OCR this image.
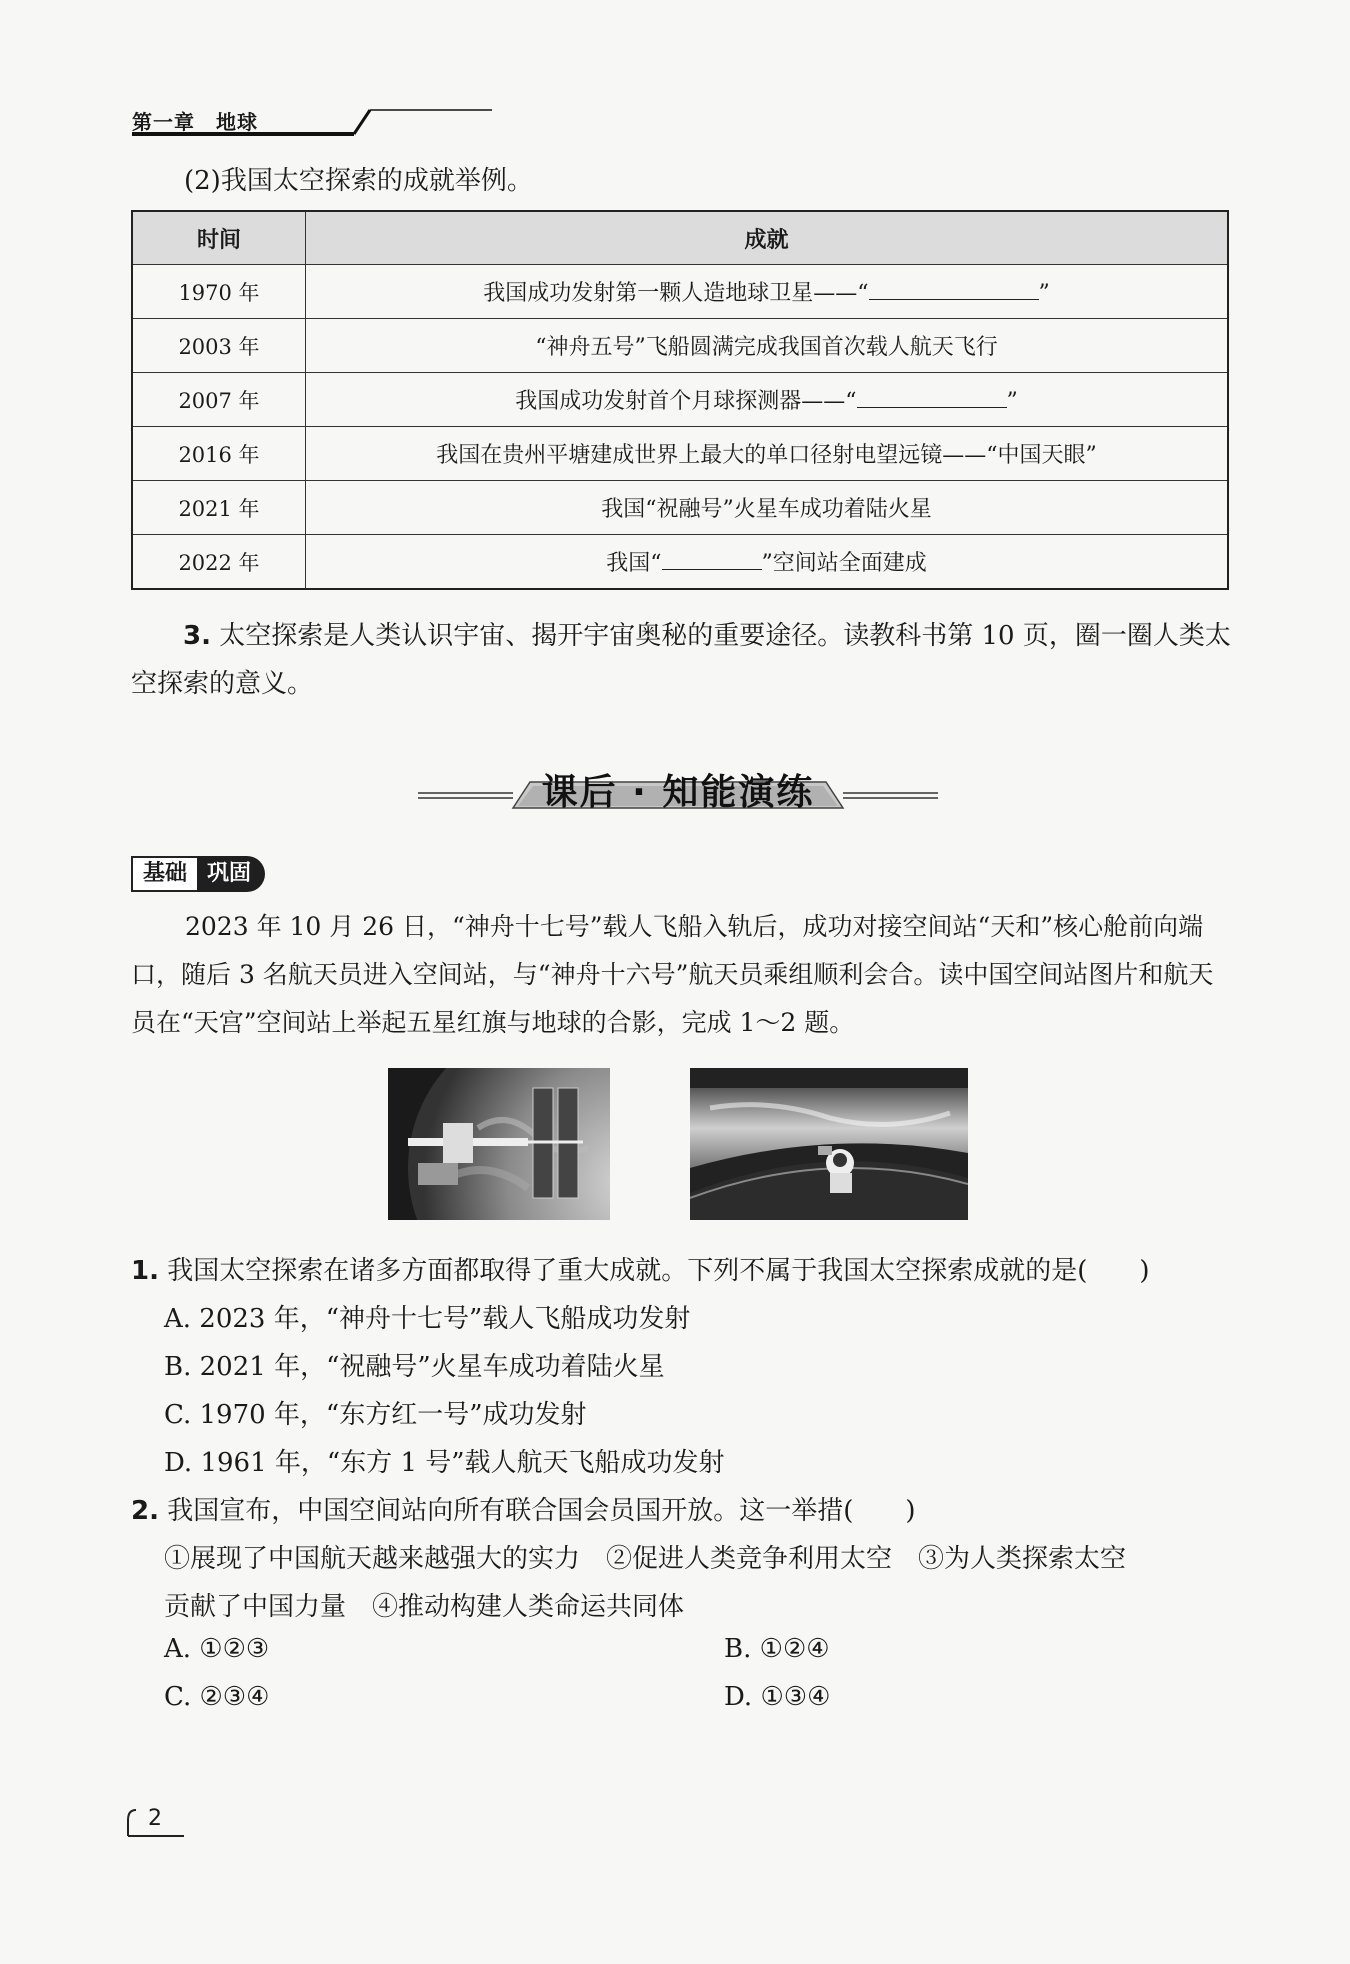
第一章　地球
(2)我国太空探索的成就举例。
时间	成就
1970 年	我国成功发射第一颗人造地球卫星——“ ”
2003 年	“神舟五号”飞船圆满完成我国首次载人航天飞行
2007 年	我国成功发射首个月球探测器——“ ”
2016 年	我国在贵州平塘建成世界上最大的单口径射电望远镜——“中国天眼”
2021 年	我国“祝融号”火星车成功着陆火星
2022 年	我国“ ”空间站全面建成
3. 太空探索是人类认识宇宙、揭开宇宙奥秘的重要途径。读教科书第 10 页，圈一圈人类太空探索的意义。
课后 · 知能演练
基础 巩固
2023 年 10 月 26 日，“神舟十七号”载人飞船入轨后，成功对接空间站“天和”核心舱前向端口，随后 3 名航天员进入空间站，与“神舟十六号”航天员乘组顺利会合。读中国空间站图片和航天员在“天宫”空间站上举起五星红旗与地球的合影，完成 1～2 题。
1. 我国太空探索在诸多方面都取得了重大成就。下列不属于我国太空探索成就的是(　　)
A. 2023 年，“神舟十七号”载人飞船成功发射
B. 2021 年，“祝融号”火星车成功着陆火星
C. 1970 年，“东方红一号”成功发射
D. 1961 年，“东方 1 号”载人航天飞船成功发射
2. 我国宣布，中国空间站向所有联合国会员国开放。这一举措(　　)
①展现了中国航天越来越强大的实力　②促进人类竞争利用太空　③为人类探索太空
贡献了中国力量　④推动构建人类命运共同体
A. ①②③	B. ①②④
C. ②③④	D. ①③④
2
